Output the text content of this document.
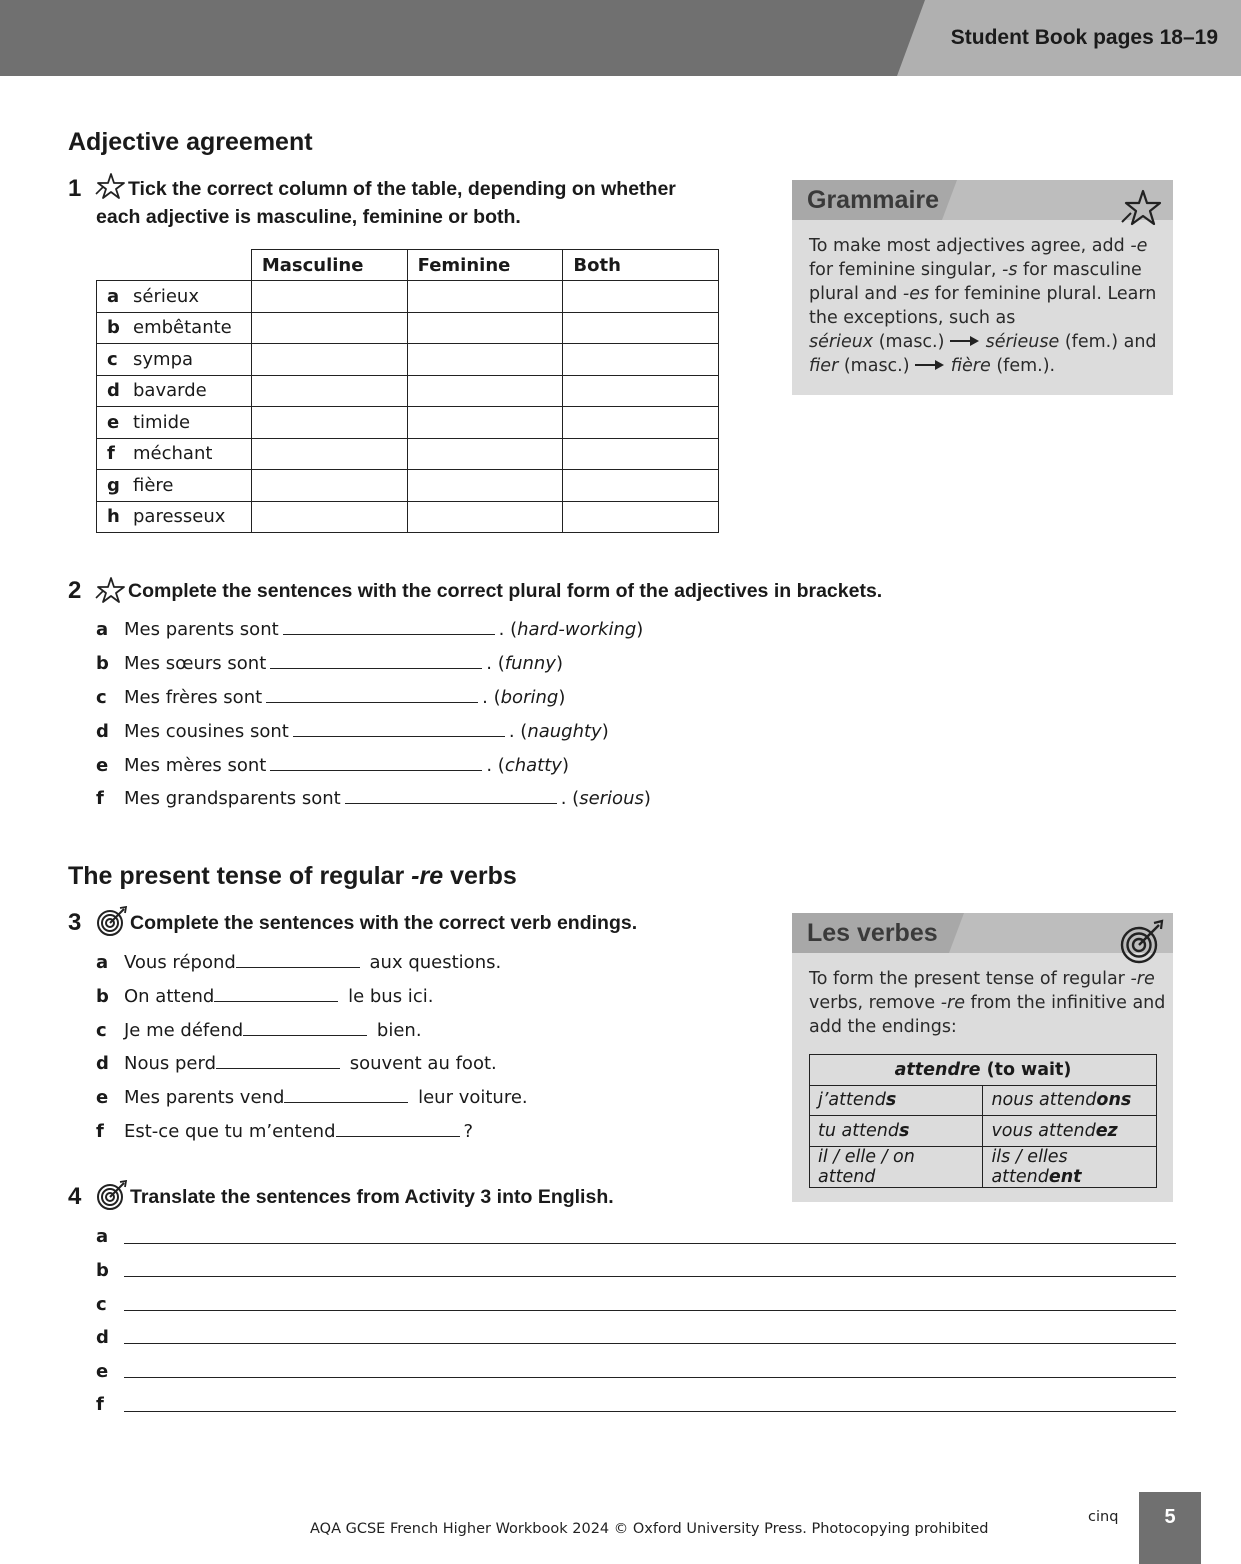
Student Book pages 18–19
Adjective agreement
1 Tick the correct column of the table, depending on whether
each adjective is masculine, feminine or both.
	Masculine	Feminine	Both
a sérieux			
b embêtante			
c sympa			
d bavarde			
e timide			
f méchant			
g fière			
h paresseux			
Grammaire
To make most adjectives agree, add -e
for feminine singular, -s for masculine
plural and -es for feminine plural. Learn
the exceptions, such as
sérieux (masc.)  sérieuse (fem.) and
fier (masc.)  fière (fem.).
2 Complete the sentences with the correct plural form of the adjectives in brackets.
a Mes parents sont	. (hard-working)
b Mes sœurs sont	. (funny)
c Mes frères sont	. (boring)
d Mes cousines sont	. (naughty)
e Mes mères sont	. (chatty)
f Mes grandsparents sont	. (serious)
The present tense of regular -re verbs
3 Complete the sentences with the correct verb endings.
a Vous répond	aux questions.
b On attend	le bus ici.
c Je me défend	bien.
d Nous perd	souvent au foot.
e Mes parents vend	leur voiture.
f Est-ce que tu m’entend	?
Les verbes
To form the present tense of regular -re
verbs, remove -re from the infinitive and
add the endings:
attendre (to wait)	
j’attends	nous attendons
tu attends	vous attendez
il / elle / on attend	ils / elles attendent
4 Translate the sentences from Activity 3 into English.
a
b
c
d
e
f
AQA GCSE French Higher Workbook 2024 © Oxford University Press. Photocopying prohibited
cinq	5
